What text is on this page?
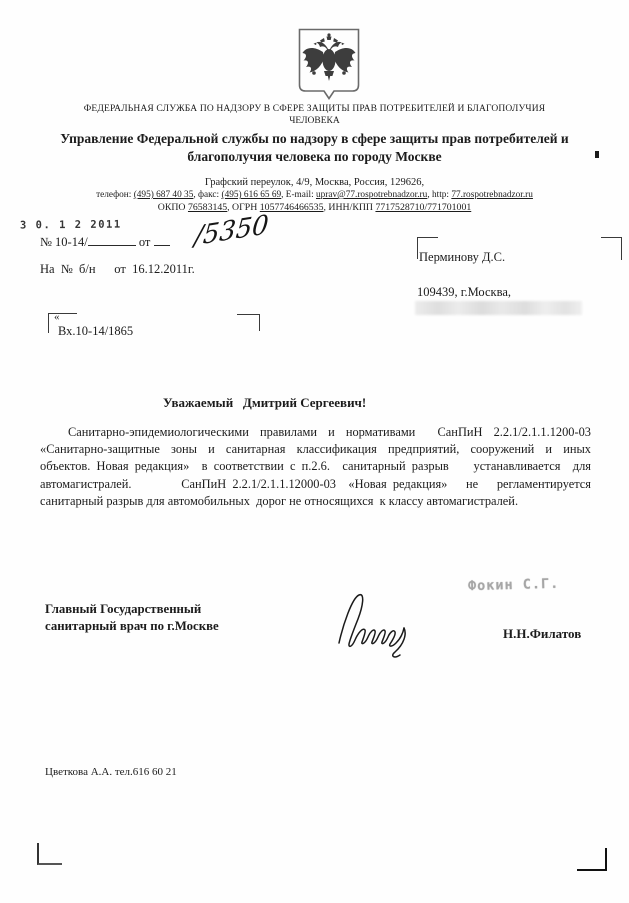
ФЕДЕРАЛЬНАЯ СЛУЖБА ПО НАДЗОРУ В СФЕРЕ ЗАЩИТЫ ПРАВ ПОТРЕБИТЕЛЕЙ И БЛАГОПОЛУЧИЯ
ЧЕЛОВЕКА
Управление Федеральной службы по надзору в сфере защиты прав потребителей и
благополучия человека по городу Москве
Графский переулок, 4/9, Москва, Россия, 129626,
телефон: (495) 687 40 35, факс: (495) 616 65 69, E-mail: uprav@77.rospotrebnadzor.ru, http: 77.rospotrebnadzor.ru
ОКПО 76583145, ОГРН 1057746466535, ИНН/КПП 7717528710/771701001
3 0. 1 2 2011
№ 10-14/	от	/5350
На  №  б/н      от  16.12.2011г.
Перминову Д.С.
109439, г.Москва,
«
Вх.10-14/1865
Уважаемый   Дмитрий Сергеевич!
Санитарно-эпидемиологическими  правилами  и  нормативами    СанПиН  2.2.1/2.1.1.1200-03
«Санитарно-защитные  зоны  и  санитарная  классификация  предприятий,  сооружений  и  иных
объектов. Новая редакция»  в соответствии с п.2.6.  санитарный разрыв    устанавливается  для
автомагистралей.        СанПиН 2.2.1/2.1.1.12000-03  «Новая редакция»   не   регламентируется
санитарный разрыв для автомобильных  дорог не относящихся  к классу автомагистралей.
Фокин С.Г.
Главный Государственный
санитарный врач по г.Москве	Н.Н.Филатов
Цветкова А.А. тел.616 60 21
